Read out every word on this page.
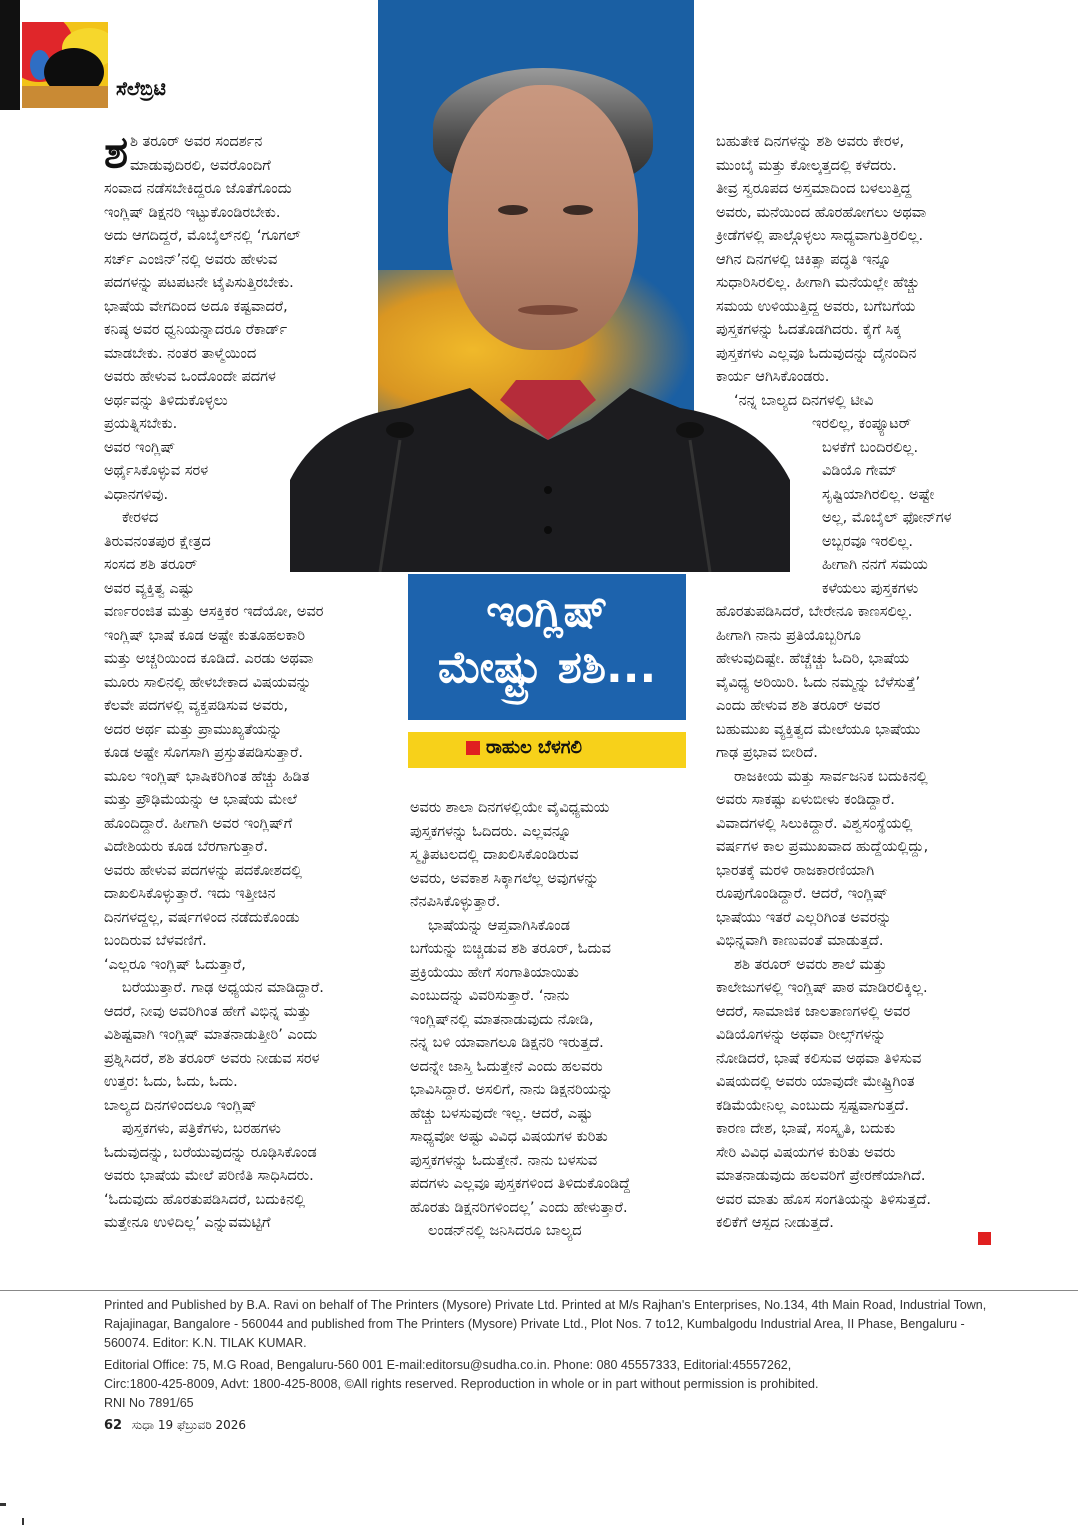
ಸೆಲೆಬ್ರಿಟಿ
ಇಂಗ್ಲಿಷ್
ಮೇಷ್ಟ್ರು ಶಶಿ...
ರಾಹುಲ ಬೆಳಗಲಿ
ಶ ಶಿ ತರೂರ್ ಅವರ ಸಂದರ್ಶನ
ಮಾಡುವುದಿರಲಿ, ಅವರೊಂದಿಗೆ
ಸಂವಾದ ನಡೆಸಬೇಕಿದ್ದರೂ ಜೊತೆಗೊಂದು
ಇಂಗ್ಲಿಷ್ ಡಿಕ್ಷನರಿ ಇಟ್ಟುಕೊಂಡಿರಬೇಕು.
ಅದು ಆಗದಿದ್ದರೆ, ಮೊಬೈಲ್‌ನಲ್ಲಿ ‘ಗೂಗಲ್
ಸರ್ಚ್ ಎಂಜಿನ್’ನಲ್ಲಿ ಅವರು ಹೇಳುವ
ಪದಗಳನ್ನು ಪಟಪಟನೇ ಟೈಪಿಸುತ್ತಿರಬೇಕು.
ಭಾಷೆಯ ವೇಗದಿಂದ ಅದೂ ಕಷ್ಟವಾದರೆ,
ಕನಿಷ್ಠ ಅವರ ಧ್ವನಿಯನ್ನಾದರೂ ರೆಕಾರ್ಡ್
ಮಾಡಬೇಕು. ನಂತರ ತಾಳ್ಮೆಯಿಂದ
ಅವರು ಹೇಳುವ ಒಂದೊಂದೇ ಪದಗಳ
ಅರ್ಥವನ್ನು ತಿಳಿದುಕೊಳ್ಳಲು
ಪ್ರಯತ್ನಿಸಬೇಕು.
ಅವರ ಇಂಗ್ಲಿಷ್
ಅರ್ಥೈಸಿಕೊಳ್ಳುವ ಸರಳ
ವಿಧಾನಗಳಿವು.
ಕೇರಳದ
ತಿರುವನಂತಪುರ ಕ್ಷೇತ್ರದ
ಸಂಸದ ಶಶಿ ತರೂರ್
ಅವರ ವ್ಯಕ್ತಿತ್ವ ಎಷ್ಟು
ವರ್ಣರಂಜಿತ ಮತ್ತು ಆಸಕ್ತಿಕರ ಇದೆಯೋ, ಅವರ
ಇಂಗ್ಲಿಷ್ ಭಾಷೆ ಕೂಡ ಅಷ್ಟೇ ಕುತೂಹಲಕಾರಿ
ಮತ್ತು ಅಚ್ಚರಿಯಿಂದ ಕೂಡಿದೆ. ಎರಡು ಅಥವಾ
ಮೂರು ಸಾಲಿನಲ್ಲಿ ಹೇಳಬೇಕಾದ ವಿಷಯವನ್ನು
ಕೆಲವೇ ಪದಗಳಲ್ಲಿ ವ್ಯಕ್ತಪಡಿಸುವ ಅವರು,
ಅದರ ಅರ್ಥ ಮತ್ತು ಪ್ರಾಮುಖ್ಯತೆಯನ್ನು
ಕೂಡ ಅಷ್ಟೇ ಸೊಗಸಾಗಿ ಪ್ರಸ್ತುತಪಡಿಸುತ್ತಾರೆ.
ಮೂಲ ಇಂಗ್ಲಿಷ್ ಭಾಷಿಕರಿಗಿಂತ ಹೆಚ್ಚು ಹಿಡಿತ
ಮತ್ತು ಪ್ರೌಢಿಮೆಯನ್ನು ಆ ಭಾಷೆಯ ಮೇಲೆ
ಹೊಂದಿದ್ದಾರೆ. ಹೀಗಾಗಿ ಅವರ ಇಂಗ್ಲಿಷ್‌ಗೆ
ವಿದೇಶಿಯರು ಕೂಡ ಬೆರಗಾಗುತ್ತಾರೆ.
ಅವರು ಹೇಳುವ ಪದಗಳನ್ನು ಪದಕೋಶದಲ್ಲಿ
ದಾಖಲಿಸಿಕೊಳ್ಳುತ್ತಾರೆ. ಇದು ಇತ್ತೀಚಿನ
ದಿನಗಳದ್ದಲ್ಲ, ವರ್ಷಗಳಿಂದ ನಡೆದುಕೊಂಡು
ಬಂದಿರುವ ಬೆಳವಣಿಗೆ.
‘ಎಲ್ಲರೂ ಇಂಗ್ಲಿಷ್ ಓದುತ್ತಾರೆ,
ಬರೆಯುತ್ತಾರೆ. ಗಾಢ ಅಧ್ಯಯನ ಮಾಡಿದ್ದಾರೆ.
ಆದರೆ, ನೀವು ಅವರಿಗಿಂತ ಹೇಗೆ ವಿಭಿನ್ನ ಮತ್ತು
ವಿಶಿಷ್ಟವಾಗಿ ಇಂಗ್ಲಿಷ್ ಮಾತನಾಡುತ್ತೀರಿ’ ಎಂದು
ಪ್ರಶ್ನಿಸಿದರೆ, ಶಶಿ ತರೂರ್ ಅವರು ನೀಡುವ ಸರಳ
ಉತ್ತರ: ಓದು, ಓದು, ಓದು.
ಬಾಲ್ಯದ ದಿನಗಳಿಂದಲೂ ಇಂಗ್ಲಿಷ್
ಪುಸ್ತಕಗಳು, ಪತ್ರಿಕೆಗಳು, ಬರಹಗಳು
ಓದುವುದನ್ನು, ಬರೆಯುವುದನ್ನು ರೂಢಿಸಿಕೊಂಡ
ಅವರು ಭಾಷೆಯ ಮೇಲೆ ಪರಿಣಿತಿ ಸಾಧಿಸಿದರು.
‘ಓದುವುದು ಹೊರತುಪಡಿಸಿದರೆ, ಬದುಕಿನಲ್ಲಿ
ಮತ್ತೇನೂ ಉಳಿದಿಲ್ಲ’ ಎನ್ನುವಮಟ್ಟಿಗೆ
ಅವರು ಶಾಲಾ ದಿನಗಳಲ್ಲಿಯೇ ವೈವಿಧ್ಯಮಯ
ಪುಸ್ತಕಗಳನ್ನು ಓದಿದರು. ಎಲ್ಲವನ್ನೂ
ಸ್ಮೃತಿಪಟಲದಲ್ಲಿ ದಾಖಲಿಸಿಕೊಂಡಿರುವ
ಅವರು, ಅವಕಾಶ ಸಿಕ್ಕಾಗಲೆಲ್ಲ ಅವುಗಳನ್ನು
ನೆನಪಿಸಿಕೊಳ್ಳುತ್ತಾರೆ.
ಭಾಷೆಯನ್ನು ಆಪ್ತವಾಗಿಸಿಕೊಂಡ
ಬಗೆಯನ್ನು ಬಿಚ್ಚಿಡುವ ಶಶಿ ತರೂರ್, ಓದುವ
ಪ್ರಕ್ರಿಯೆಯು ಹೇಗೆ ಸಂಗಾತಿಯಾಯಿತು
ಎಂಬುದನ್ನು ವಿವರಿಸುತ್ತಾರೆ. ‘ನಾನು
ಇಂಗ್ಲಿಷ್‌ನಲ್ಲಿ ಮಾತನಾಡುವುದು ನೋಡಿ,
ನನ್ನ ಬಳಿ ಯಾವಾಗಲೂ ಡಿಕ್ಷನರಿ ಇರುತ್ತದೆ.
ಅದನ್ನೇ ಜಾಸ್ತಿ ಓದುತ್ತೇನೆ ಎಂದು ಹಲವರು
ಭಾವಿಸಿದ್ದಾರೆ. ಅಸಲಿಗೆ, ನಾನು ಡಿಕ್ಷನರಿಯನ್ನು
ಹೆಚ್ಚು ಬಳಸುವುದೇ ಇಲ್ಲ. ಆದರೆ, ಎಷ್ಟು
ಸಾಧ್ಯವೋ ಅಷ್ಟು ವಿವಿಧ ವಿಷಯಗಳ ಕುರಿತು
ಪುಸ್ತಕಗಳನ್ನು ಓದುತ್ತೇನೆ. ನಾನು ಬಳಸುವ
ಪದಗಳು ಎಲ್ಲವೂ ಪುಸ್ತಕಗಳಿಂದ ತಿಳಿದುಕೊಂಡಿದ್ದೆ
ಹೊರತು ಡಿಕ್ಷನರಿಗಳಿಂದಲ್ಲ’ ಎಂದು ಹೇಳುತ್ತಾರೆ.
ಲಂಡನ್‌ನಲ್ಲಿ ಜನಿಸಿದರೂ ಬಾಲ್ಯದ
ಬಹುತೇಕ ದಿನಗಳನ್ನು ಶಶಿ ಅವರು ಕೇರಳ,
ಮುಂಬೈ ಮತ್ತು ಕೋಲ್ಕತ್ತದಲ್ಲಿ ಕಳೆದರು.
ತೀವ್ರ ಸ್ವರೂಪದ ಅಸ್ತಮಾದಿಂದ ಬಳಲುತ್ತಿದ್ದ
ಅವರು, ಮನೆಯಿಂದ ಹೊರಹೋಗಲು ಅಥವಾ
ಕ್ರೀಡೆಗಳಲ್ಲಿ ಪಾಲ್ಗೊಳ್ಳಲು ಸಾಧ್ಯವಾಗುತ್ತಿರಲಿಲ್ಲ.
ಆಗಿನ ದಿನಗಳಲ್ಲಿ ಚಿಕಿತ್ಸಾ ಪದ್ಧತಿ ಇನ್ನೂ
ಸುಧಾರಿಸಿರಲಿಲ್ಲ. ಹೀಗಾಗಿ ಮನೆಯಲ್ಲೇ ಹೆಚ್ಚು
ಸಮಯ ಉಳಿಯುತ್ತಿದ್ದ ಅವರು, ಬಗೆಬಗೆಯ
ಪುಸ್ತಕಗಳನ್ನು ಓದತೊಡಗಿದರು. ಕೈಗೆ ಸಿಕ್ಕ
ಪುಸ್ತಕಗಳು ಎಲ್ಲವೂ ಓದುವುದನ್ನು ದೈನಂದಿನ
ಕಾರ್ಯ ಆಗಿಸಿಕೊಂಡರು.
‘ನನ್ನ ಬಾಲ್ಯದ ದಿನಗಳಲ್ಲಿ ಟೀವಿ
ಇರಲಿಲ್ಲ, ಕಂಪ್ಯೂಟರ್
ಬಳಕೆಗೆ ಬಂದಿರಲಿಲ್ಲ.
ವಿಡಿಯೊ ಗೇಮ್
ಸೃಷ್ಟಿಯಾಗಿರಲಿಲ್ಲ. ಅಷ್ಟೇ
ಅಲ್ಲ, ಮೊಬೈಲ್ ಫೋನ್‌ಗಳ
ಅಬ್ಬರವೂ ಇರಲಿಲ್ಲ.
ಹೀಗಾಗಿ ನನಗೆ ಸಮಯ
ಕಳೆಯಲು ಪುಸ್ತಕಗಳು
ಹೊರತುಪಡಿಸಿದರೆ, ಬೇರೇನೂ ಕಾಣಸಲಿಲ್ಲ.
ಹೀಗಾಗಿ ನಾನು ಪ್ರತಿಯೊಬ್ಬರಿಗೂ
ಹೇಳುವುದಿಷ್ಟೇ. ಹೆಚ್ಚೆಚ್ಚು ಓದಿರಿ, ಭಾಷೆಯ
ವೈವಿಧ್ಯ ಅರಿಯಿರಿ. ಓದು ನಮ್ಮನ್ನು ಬೆಳೆಸುತ್ತೆ’
ಎಂದು ಹೇಳುವ ಶಶಿ ತರೂರ್ ಅವರ
ಬಹುಮುಖ ವ್ಯಕ್ತಿತ್ವದ ಮೇಲೆಯೂ ಭಾಷೆಯು
ಗಾಢ ಪ್ರಭಾವ ಬೀರಿದೆ.
ರಾಜಕೀಯ ಮತ್ತು ಸಾರ್ವಜನಿಕ ಬದುಕಿನಲ್ಲಿ
ಅವರು ಸಾಕಷ್ಟು ಏಳುಬೀಳು ಕಂಡಿದ್ದಾರೆ.
ವಿವಾದಗಳಲ್ಲಿ ಸಿಲುಕಿದ್ದಾರೆ. ವಿಶ್ವಸಂಸ್ಥೆಯಲ್ಲಿ
ವರ್ಷಗಳ ಕಾಲ ಪ್ರಮುಖವಾದ ಹುದ್ದೆಯಲ್ಲಿದ್ದು,
ಭಾರತಕ್ಕೆ ಮರಳಿ ರಾಜಕಾರಣಿಯಾಗಿ
ರೂಪುಗೊಂಡಿದ್ದಾರೆ. ಆದರೆ, ಇಂಗ್ಲಿಷ್
ಭಾಷೆಯು ಇತರೆ ಎಲ್ಲರಿಗಿಂತ ಅವರನ್ನು
ವಿಭಿನ್ನವಾಗಿ ಕಾಣುವಂತೆ ಮಾಡುತ್ತದೆ.
ಶಶಿ ತರೂರ್ ಅವರು ಶಾಲೆ ಮತ್ತು
ಕಾಲೇಜುಗಳಲ್ಲಿ ಇಂಗ್ಲಿಷ್ ಪಾಠ ಮಾಡಿರಲಿಕ್ಕಿಲ್ಲ.
ಆದರೆ, ಸಾಮಾಜಿಕ ಜಾಲತಾಣಗಳಲ್ಲಿ ಅವರ
ವಿಡಿಯೊಗಳನ್ನು ಅಥವಾ ರೀಲ್ಸ್‌ಗಳನ್ನು
ನೋಡಿದರೆ, ಭಾಷೆ ಕಲಿಸುವ ಅಥವಾ ತಿಳಿಸುವ
ವಿಷಯದಲ್ಲಿ ಅವರು ಯಾವುದೇ ಮೇಷ್ಟ್ರಿಗಿಂತ
ಕಡಿಮೆಯೇನಿಲ್ಲ ಎಂಬುದು ಸ್ಪಷ್ಟವಾಗುತ್ತದೆ.
ಕಾರಣ ದೇಶ, ಭಾಷೆ, ಸಂಸ್ಕೃತಿ, ಬದುಕು
ಸೇರಿ ವಿವಿಧ ವಿಷಯಗಳ ಕುರಿತು ಅವರು
ಮಾತನಾಡುವುದು ಹಲವರಿಗೆ ಪ್ರೇರಣೆಯಾಗಿದೆ.
ಅವರ ಮಾತು ಹೊಸ ಸಂಗತಿಯನ್ನು ತಿಳಿಸುತ್ತದೆ.
ಕಲಿಕೆಗೆ ಆಸ್ಪದ ನೀಡುತ್ತದೆ.

Printed and Published by B.A. Ravi on behalf of The Printers (Mysore) Private Ltd. Printed at M/s Rajhan's Enterprises, No.134, 4th Main Road, Industrial Town, Rajajinagar, Bangalore - 560044 and published from The Printers (Mysore) Private Ltd., Plot Nos. 7 to12, Kumbalgodu Industrial Area, II Phase, Bengaluru - 560074. Editor: K.N. TILAK KUMAR.

Editorial Office: 75, M.G Road, Bengaluru-560 001 E-mail:editorsu@sudha.co.in. Phone: 080 45557333, Editorial:45557262,

Circ:1800-425-8009, Advt: 1800-425-8008, ©All rights reserved. Reproduction in whole or in part without permission is prohibited.

RNI No 7891/65

62 ಸುಧಾ 19 ಫೆಬ್ರುವರಿ 2026
